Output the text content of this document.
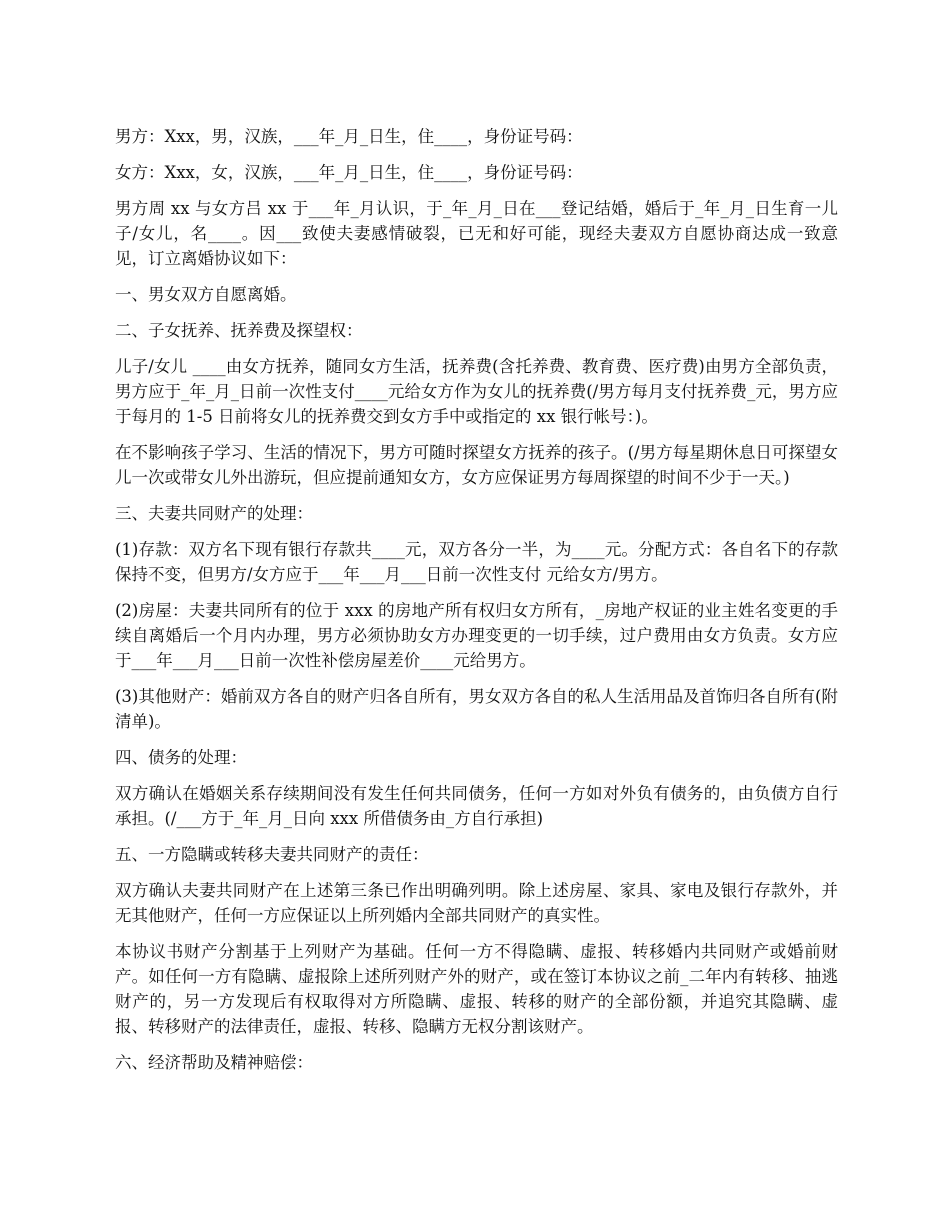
男方：Xxx，男，汉族，___年_月_日生，住____，身份证号码：

女方：Xxx，女，汉族，___年_月_日生，住____，身份证号码：

男方周 xx 与女方吕 xx 于___年_月认识，于_年_月_日在___登记结婚，婚后于_年_月_日生育一儿子/女儿，名____。因___致使夫妻感情破裂，已无和好可能，现经夫妻双方自愿协商达成一致意见，订立离婚协议如下：

一、男女双方自愿离婚。

二、子女抚养、抚养费及探望权：

儿子/女儿 ____由女方抚养，随同女方生活，抚养费(含托养费、教育费、医疗费)由男方全部负责，男方应于_年_月_日前一次性支付____元给女方作为女儿的抚养费(/男方每月支付抚养费_元，男方应于每月的 1-5 日前将女儿的抚养费交到女方手中或指定的 xx 银行帐号：)。

在不影响孩子学习、生活的情况下，男方可随时探望女方抚养的孩子。(/男方每星期休息日可探望女儿一次或带女儿外出游玩，但应提前通知女方，女方应保证男方每周探望的时间不少于一天。)

三、夫妻共同财产的处理：

(1)存款：双方名下现有银行存款共____元，双方各分一半，为____元。分配方式：各自名下的存款保持不变，但男方/女方应于___年___月___日前一次性支付 元给女方/男方。

(2)房屋：夫妻共同所有的位于 xxx 的房地产所有权归女方所有，_房地产权证的业主姓名变更的手续自离婚后一个月内办理，男方必须协助女方办理变更的一切手续，过户费用由女方负责。女方应于___年___月___日前一次性补偿房屋差价____元给男方。

(3)其他财产：婚前双方各自的财产归各自所有，男女双方各自的私人生活用品及首饰归各自所有(附清单)。

四、债务的处理：

双方确认在婚姻关系存续期间没有发生任何共同债务，任何一方如对外负有债务的，由负债方自行承担。(/___方于_年_月_日向 xxx 所借债务由_方自行承担)

五、一方隐瞒或转移夫妻共同财产的责任：

双方确认夫妻共同财产在上述第三条已作出明确列明。除上述房屋、家具、家电及银行存款外，并无其他财产，任何一方应保证以上所列婚内全部共同财产的真实性。

本协议书财产分割基于上列财产为基础。任何一方不得隐瞒、虚报、转移婚内共同财产或婚前财产。如任何一方有隐瞒、虚报除上述所列财产外的财产，或在签订本协议之前_二年内有转移、抽逃财产的，另一方发现后有权取得对方所隐瞒、虚报、转移的财产的全部份额，并追究其隐瞒、虚报、转移财产的法律责任，虚报、转移、隐瞒方无权分割该财产。

六、经济帮助及精神赔偿：
